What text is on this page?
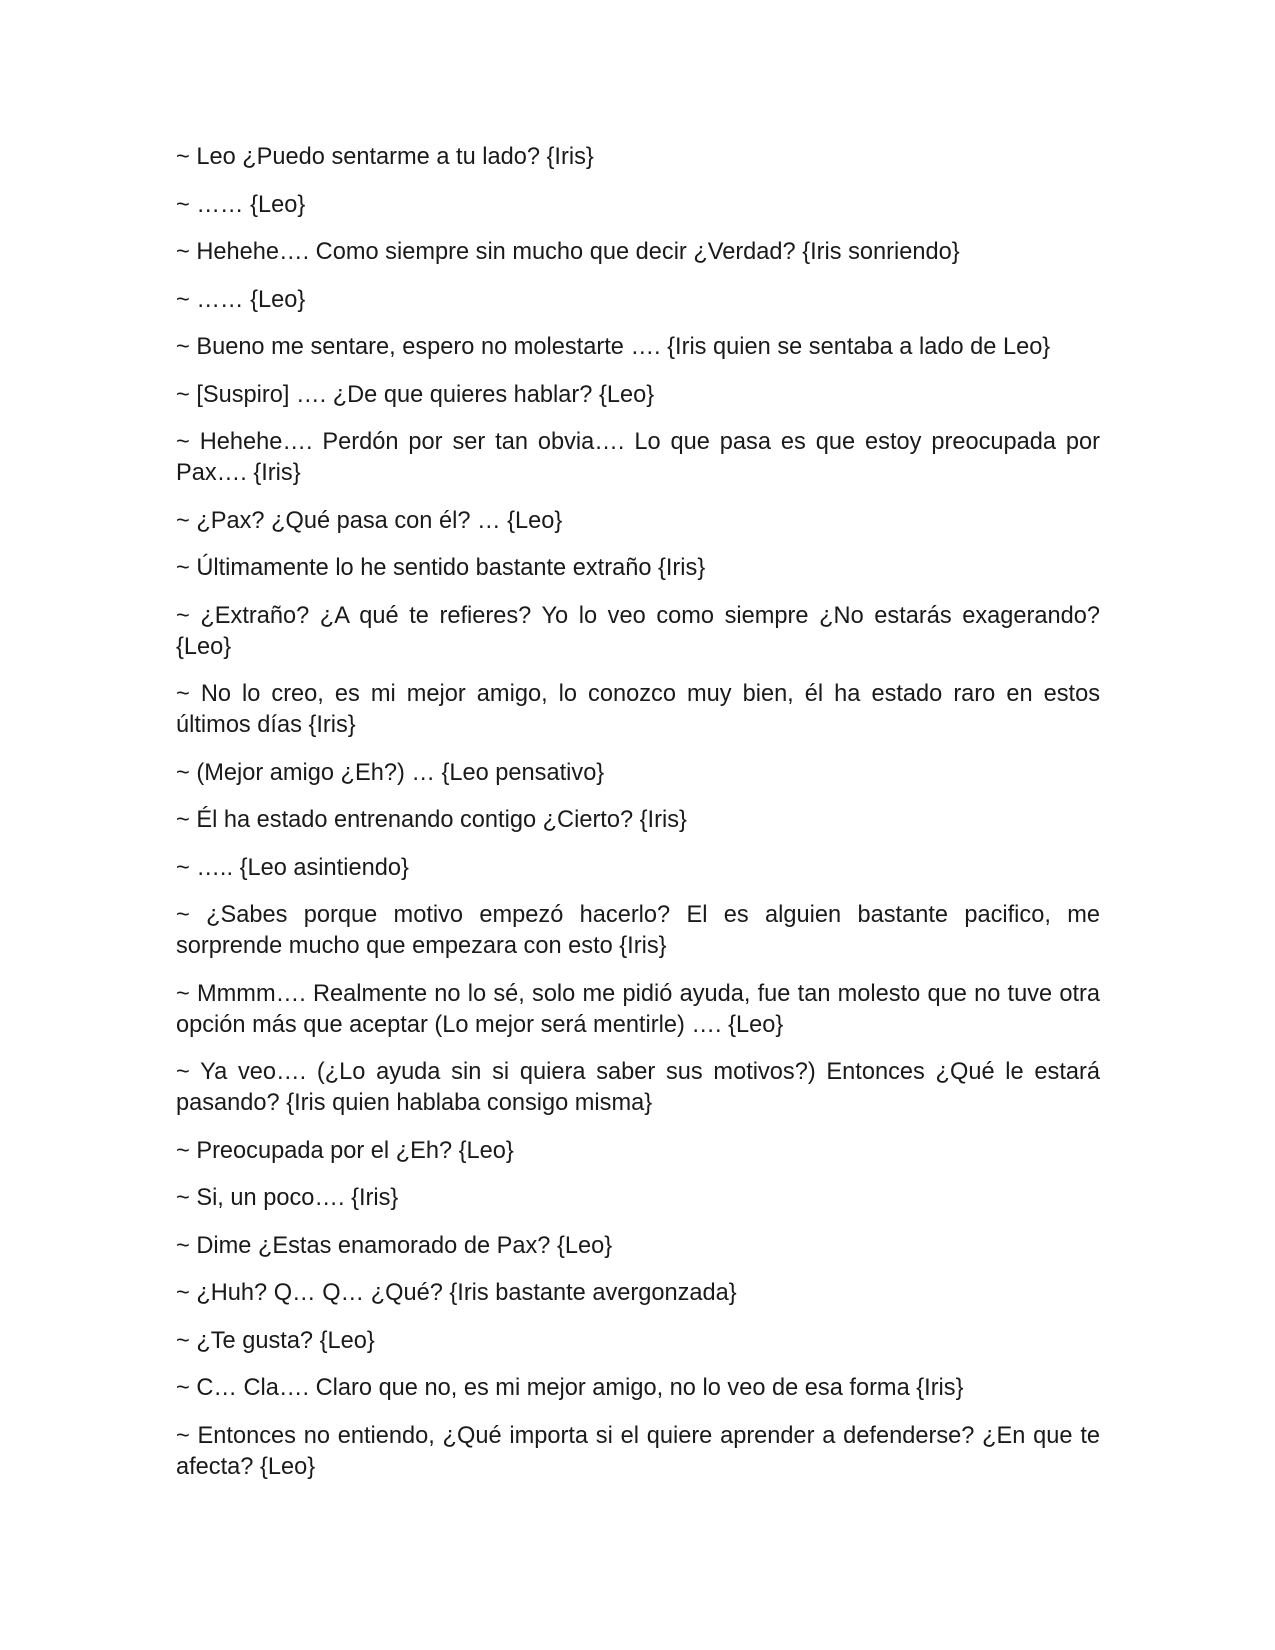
~ Leo ¿Puedo sentarme a tu lado? {Iris}

~ …… {Leo}

~ Hehehe…. Como siempre sin mucho que decir ¿Verdad? {Iris sonriendo}

~ …… {Leo}

~ Bueno me sentare, espero no molestarte …. {Iris quien se sentaba a lado de Leo}

~ [Suspiro] …. ¿De que quieres hablar? {Leo}

~ Hehehe…. Perdón por ser tan obvia…. Lo que pasa es que estoy preocupada por Pax…. {Iris}

~ ¿Pax? ¿Qué pasa con él? … {Leo}

~ Últimamente lo he sentido bastante extraño {Iris}

~ ¿Extraño? ¿A qué te refieres? Yo lo veo como siempre ¿No estarás exagerando? {Leo}

~ No lo creo, es mi mejor amigo, lo conozco muy bien, él ha estado raro en estos últimos días {Iris}

~ (Mejor amigo ¿Eh?) … {Leo pensativo}

~ Él ha estado entrenando contigo ¿Cierto? {Iris}

~ ….. {Leo asintiendo}

~ ¿Sabes porque motivo empezó hacerlo? El es alguien bastante pacifico, me sorprende mucho que empezara con esto {Iris}

~ Mmmm…. Realmente no lo sé, solo me pidió ayuda, fue tan molesto que no tuve otra opción más que aceptar (Lo mejor será mentirle) …. {Leo}

~ Ya veo…. (¿Lo ayuda sin si quiera saber sus motivos?) Entonces ¿Qué le estará pasando? {Iris quien hablaba consigo misma}

~ Preocupada por el ¿Eh? {Leo}

~ Si, un poco…. {Iris}

~ Dime ¿Estas enamorado de Pax? {Leo}

~ ¿Huh? Q… Q… ¿Qué? {Iris bastante avergonzada}

~ ¿Te gusta? {Leo}

~ C… Cla…. Claro que no, es mi mejor amigo, no lo veo de esa forma {Iris}

~ Entonces no entiendo, ¿Qué importa si el quiere aprender a defenderse? ¿En que te afecta? {Leo}
